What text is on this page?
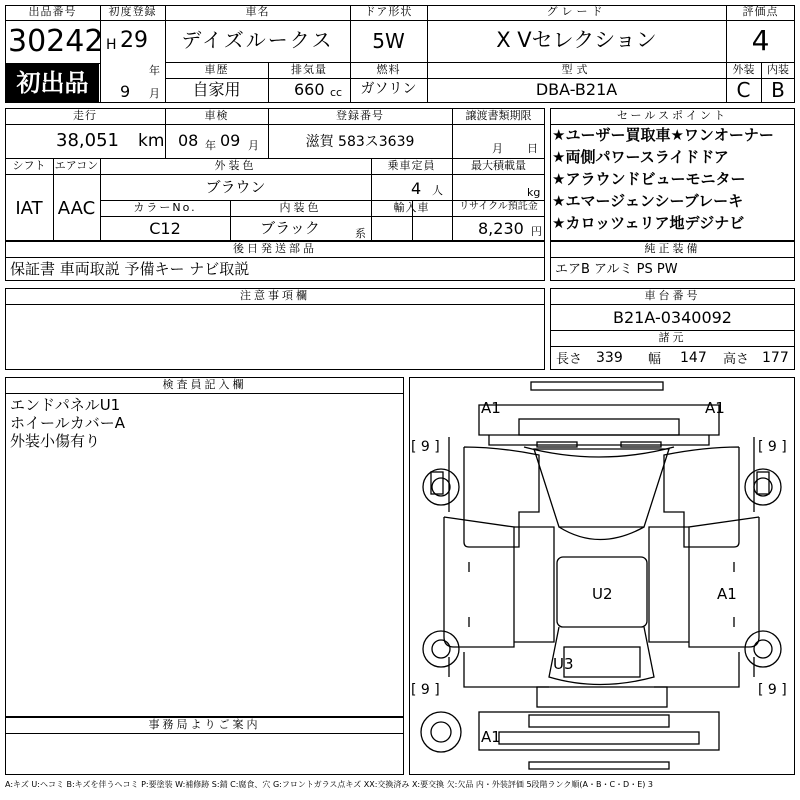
出品番号
30242
初出品
初度登録
H 29
年
9 月
車名
デイズルークス
ドア形状
5W
グレード
X Vセレクション
評価点
4
車歴
自家用
排気量
660 cc
燃料
ガソリン
型式
DBA-B21A
外装	内装
C	B
走行
38,051 km
車検
08 年 09 月
登録番号
滋賀 583ス3639
譲渡書類期限
月 日
シフト
IAT
エアコン
AAC
外装色
ブラウン
乗車定員
4 人
最大積載量
kg
カラーNo.
C12
内装色
ブラック	系
輸入車	リサイクル預託金
8,230 円
セールスポイント
★ユーザー買取車★ワンオーナー
★両側パワースライドドア
★アラウンドビューモニター
★エマージェンシーブレーキ
★カロッツェリア地デジナビ
後日発送部品
保証書 車両取説 予備キー ナビ取説
純正装備
エアB アルミ PS PW
注意事項欄	車台番号
B21A-0340092
諸元
長さ 339 幅 147 高さ 177
検査員記入欄
エンドパネルU1
ホイールカバーA
外装小傷有り
事務局よりご案内
A1	A1
U2	A1
U3
A1
[ 9 ]	[ 9 ]
[ 9 ]	[ 9 ]
A:キズ U:ヘコミ B:キズを伴うヘコミ P:要塗装 W:補修跡 S:錆 C:腐食、穴 G:フロントガラス点キズ XX:交換済み X:要交換 欠:欠品 内・外装評価 5段階ランク順(A・B・C・D・E) 3
